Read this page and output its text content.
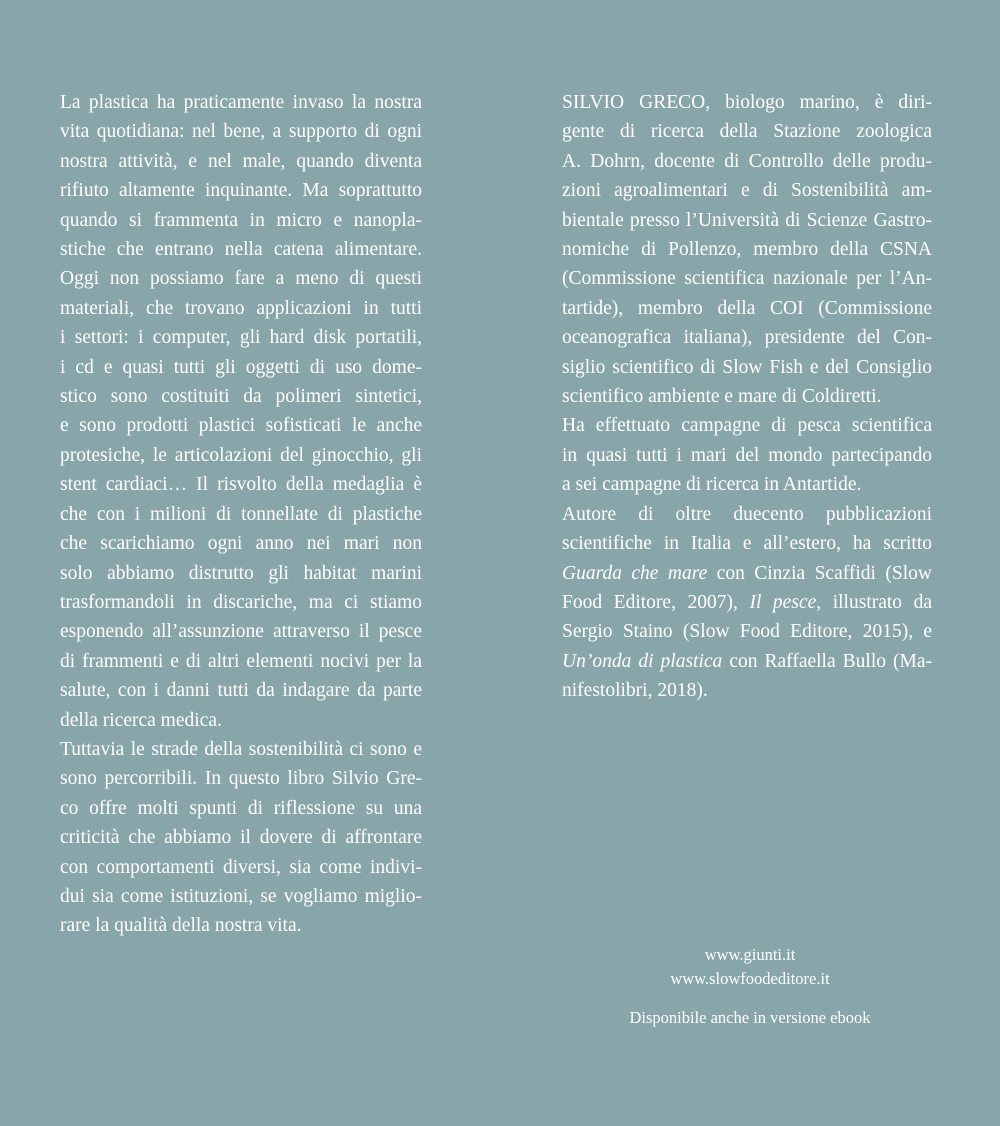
La plastica ha praticamente invaso la nostra
vita quotidiana: nel bene, a supporto di ogni
nostra attività, e nel male, quando diventa
rifiuto altamente inquinante. Ma soprattutto
quando si frammenta in micro e nanopla-
stiche che entrano nella catena alimentare.
Oggi non possiamo fare a meno di questi
materiali, che trovano applicazioni in tutti
i settori: i computer, gli hard disk portatili,
i cd e quasi tutti gli oggetti di uso dome-
stico sono costituiti da polimeri sintetici,
e sono prodotti plastici sofisticati le anche
protesiche, le articolazioni del ginocchio, gli
stent cardiaci… Il risvolto della medaglia è
che con i milioni di tonnellate di plastiche
che scarichiamo ogni anno nei mari non
solo abbiamo distrutto gli habitat marini
trasformandoli in discariche, ma ci stiamo
esponendo all’assunzione attraverso il pesce
di frammenti e di altri elementi nocivi per la
salute, con i danni tutti da indagare da parte
della ricerca medica.
Tuttavia le strade della sostenibilità ci sono e
sono percorribili. In questo libro Silvio Gre-
co offre molti spunti di riflessione su una
criticità che abbiamo il dovere di affrontare
con comportamenti diversi, sia come indivi-
dui sia come istituzioni, se vogliamo miglio-
rare la qualità della nostra vita.
SILVIO GRECO, biologo marino, è diri-
gente di ricerca della Stazione zoologica
A. Dohrn, docente di Controllo delle produ-
zioni agroalimentari e di Sostenibilità am-
bientale presso l’Università di Scienze Gastro-
nomiche di Pollenzo, membro della CSNA
(Commissione scientifica nazionale per l’An-
tartide), membro della COI (Commissione
oceanografica italiana), presidente del Con-
siglio scientifico di Slow Fish e del Consiglio
scientifico ambiente e mare di Coldiretti.
Ha effettuato campagne di pesca scientifica
in quasi tutti i mari del mondo partecipando
a sei campagne di ricerca in Antartide.
Autore di oltre duecento pubblicazioni
scientifiche in Italia e all’estero, ha scritto
Guarda che mare con Cinzia Scaffidi (Slow
Food Editore, 2007), Il pesce, illustrato da
Sergio Staino (Slow Food Editore, 2015), e
Un’onda di plastica con Raffaella Bullo (Ma-
nifestolibri, 2018).
www.giunti.it
www.slowfoodeditore.it
Disponibile anche in versione ebook
